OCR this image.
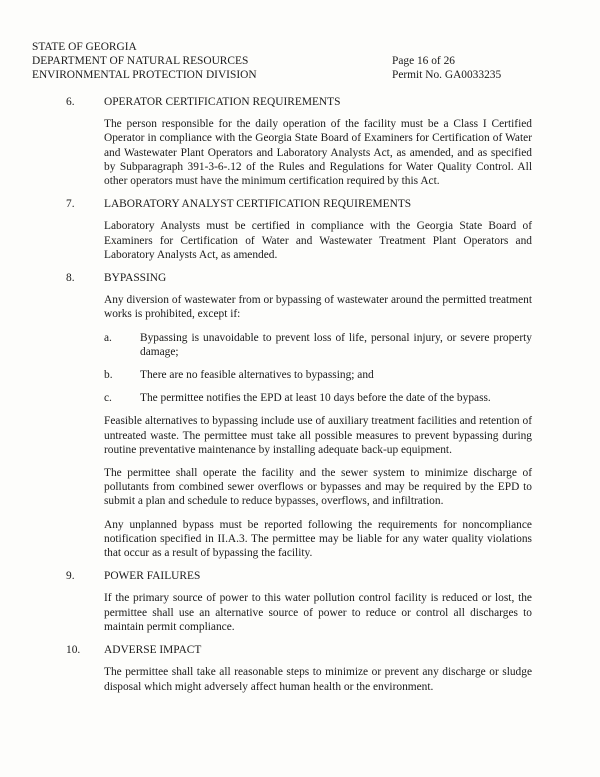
STATE OF GEORGIA
DEPARTMENT OF NATURAL RESOURCES
ENVIRONMENTAL PROTECTION DIVISION
Page 16 of 26
Permit No. GA0033235
6.	OPERATOR CERTIFICATION REQUIREMENTS

The person responsible for the daily operation of the facility must be a Class I Certified Operator in compliance with the Georgia State Board of Examiners for Certification of Water and Wastewater Plant Operators and Laboratory Analysts Act, as amended, and as specified by Subparagraph 391-3-6-.12 of the Rules and Regulations for Water Quality Control. All other operators must have the minimum certification required by this Act.

7.	LABORATORY ANALYST CERTIFICATION REQUIREMENTS

Laboratory Analysts must be certified in compliance with the Georgia State Board of Examiners for Certification of Water and Wastewater Treatment Plant Operators and Laboratory Analysts Act, as amended.

8.	BYPASSING

Any diversion of wastewater from or bypassing of wastewater around the permitted treatment works is prohibited, except if:

a.	Bypassing is unavoidable to prevent loss of life, personal injury, or severe property damage;
b.	There are no feasible alternatives to bypassing; and
c.	The permittee notifies the EPD at least 10 days before the date of the bypass.

Feasible alternatives to bypassing include use of auxiliary treatment facilities and retention of untreated waste. The permittee must take all possible measures to prevent bypassing during routine preventative maintenance by installing adequate back-up equipment.

The permittee shall operate the facility and the sewer system to minimize discharge of pollutants from combined sewer overflows or bypasses and may be required by the EPD to submit a plan and schedule to reduce bypasses, overflows, and infiltration.

Any unplanned bypass must be reported following the requirements for noncompliance notification specified in II.A.3. The permittee may be liable for any water quality violations that occur as a result of bypassing the facility.

9.	POWER FAILURES

If the primary source of power to this water pollution control facility is reduced or lost, the permittee shall use an alternative source of power to reduce or control all discharges to maintain permit compliance.

10.	ADVERSE IMPACT

The permittee shall take all reasonable steps to minimize or prevent any discharge or sludge disposal which might adversely affect human health or the environment.
